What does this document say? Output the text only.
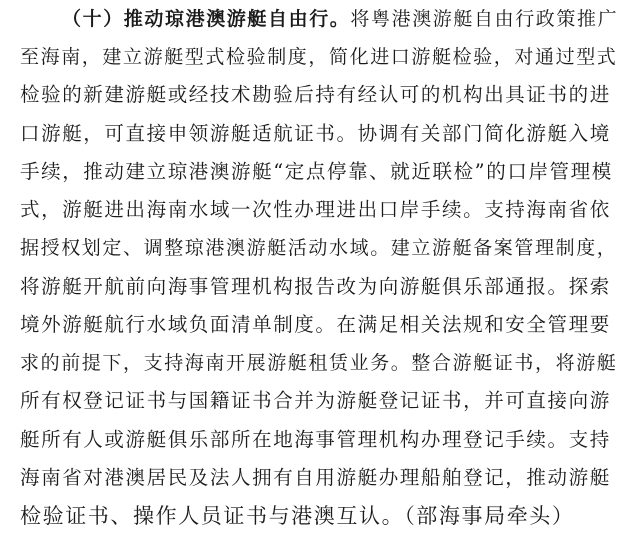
（十）推动琼港澳游艇自由行。将粤港澳游艇自由行政策推广

至海南，建立游艇型式检验制度，简化进口游艇检验，对通过型式

检验的新建游艇或经技术勘验后持有经认可的机构出具证书的进

口游艇，可直接申领游艇适航证书。协调有关部门简化游艇入境

手续，推动建立琼港澳游艇“定点停靠、就近联检”的口岸管理模

式，游艇进出海南水域一次性办理进出口岸手续。支持海南省依

据授权划定、调整琼港澳游艇活动水域。建立游艇备案管理制度，

将游艇开航前向海事管理机构报告改为向游艇俱乐部通报。探索

境外游艇航行水域负面清单制度。在满足相关法规和安全管理要

求的前提下，支持海南开展游艇租赁业务。整合游艇证书，将游艇

所有权登记证书与国籍证书合并为游艇登记证书，并可直接向游

艇所有人或游艇俱乐部所在地海事管理机构办理登记手续。支持

海南省对港澳居民及法人拥有自用游艇办理船舶登记，推动游艇

检验证书、操作人员证书与港澳互认。（部海事局牵头）
